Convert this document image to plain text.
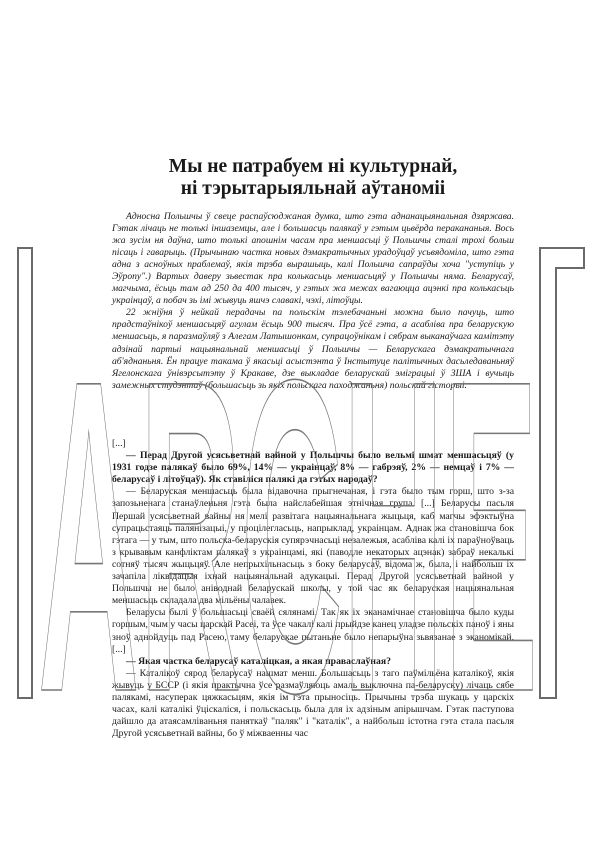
Мы не патрабуем ні культурнай,
ні тэрытарыяльнай аўтаноміі

Адносна Польшчы ў свеце распаўсюджаная думка, што гэта аднанацыянальная дзяржава. Гэтак лічаць не толькі іншаземцы, але і большасць палякаў у гэтым цьвёрда перакананыя. Вось жа зусім ня даўна, што толькі апошнім часам пра меншасьці ў Польшчы сталі трохі больш пісаць і гаварыць. (Прычынаю частка новых дэмакратычных урадоўцаў усьвядоміла, што гэта адна з асноўных праблемаў, якія трэба вырашыць, калі Польшча сапраўды хоча "уступіць у Эўропу".) Вартых даверу зьвестак пра колькасьць меншасьцяў у Польшчы няма. Беларусаў, магчыма, ёсьць там ад 250 да 400 тысяч, у гэтых жа межах вагаюцца ацэнкі пра колькасьць украінцаў, а побач зь імі жывуць яшчэ славакі, чэхі, літоўцы.

22 жніўня ў нейкай перадачы па польскім тэлебачаньні можна было пачуць, што прадстаўнікоў меншасьцяў агулам ёсьць 900 тысяч. Пра ўсё гэта, а асабліва пра беларускую меншасьць, я паразмаўляў з Алегам Латышонкам, супрацоўнікам і сябрам выканаўчага камітэту адзінай партыі нацыянальнай меншасьці ў Польшчы — Беларускага дэмакратычнага аб'яднаньня. Ён працуе такама ў якасьці асыстэнта ў Інстытуце палітычных дасьледаваньняў Ягелонскага ўнівэрсытэту ў Кракаве, дзе выкладае беларускай эміграцыі ў ЗША і вучыць замежных студэнтаў (большасьць зь якіх польскага паходжаньня) польскай гісторыі.

[...]

— Перад Другой усясьветнай вайной у Польшчы было вельмі шмат меншасьцяў (у 1931 годзе палякаў было 69%, 14% — украінцаў, 8% — габрэяў, 2% — немцаў і 7% — беларусаў і літоўцаў). Як ставіліся палякі да гэтых народаў?

— Беларуская меншасьць была відавочна прыгнечаная, і гэта было тым горш, што з-за запозьненага станаўленьня гэта была найслабейшая этнічная група. [...] Беларусы пасьля Першай усясьветнай вайны ня мелі развітага нацыянальнага жыцьця, каб магчы эфэктыўна супрацьстаяць палянізацыі, у процілегласьць, напрыклад, украінцам. Аднак жа становішча бок гэтага — у тым, што польска-беларускія супярэчнасьці незалежыя, асабліва калі іх параўноўваць з крывавым канфліктам палякаў з украінцамі, які (паводле некаторых ацэнак) забраў некалькі сотняў тысяч жыцьцяў. Але непрыхільнасьць з боку беларусаў, відома ж, была, і найбольш іх зачапіла ліквідацыя іхнай нацыянальнай адукацыі. Перад Другой усясьветнай вайной у Польшчы не было аніводнай беларускай школы, у той час як беларуская нацыянальная меншасьць складала два мільёны чалавек.

Беларусы былі ў большасьці сваёй сялянамі. Так як іх эканамічнае становішча было куды горшым, чым у часы царскай Расеі, та ўсе чакалі калі прыйдзе канец уладзе польскіх паноў і яны зноў аднойдуць пад Расею, таму беларускае пытаньне было непарыўна зьвязанае з эканомікай. [...]

— Якая частка беларусаў каталіцкая, а якая праваслаўная?

— Каталікоў сярод беларусаў нашмат менш. Большасьць з таго паўмільёна каталікоў, якія жывуць у БССР (і якія практычна ўсе размаўляюць амаль выключна па-беларуску) лічаць сябе палякамі, насуперак цяжкасьцям, якія ім гэта прыносіць. Прычыны трэба шукаць у царскіх часах, калі каталікі ўціскаліся, і польскасьць была для іх адзіным апірышчам. Гэтак паступова дайшло да атаясамліваньня паняткаў "паляк" і "каталік", а найбольш істотна гэта стала пасьля Другой усясьветнай вайны, бо ў міжваенны час

ARCHE
